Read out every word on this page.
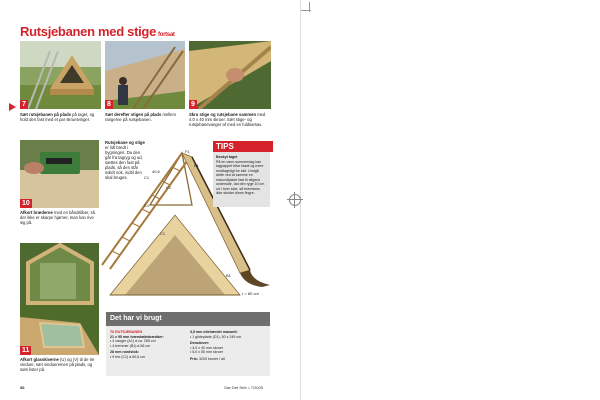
Rutsjebanen med stige fortsat
7
Sæt rutsjebanen på plads på taget, og hold den fast med et par skruetvinger.
8
Sæt derefter stigen på plads mellem rangerne på rutsjebanen.
9
Skru stige og rutsjebane sammen med 4,0 x 40 mm skruer. Sæt stige- og rutsjebanevanger af med en fuldsarsav.
10
Afkort bræderne med en båndsliber, så der ikke er skarpe hjørner, man kan rive sig på.
Rutsjebane og stige er lidt bredt i bygningen. Da den går fra tagryg og ud, sættes den fast på plads, så den står solidt nok, indtil den skal bruges.
F1
E1
40,6
C1
C1
C1
B1
r = 80 cm
C1
TIPS
Beskyt taget
På en varm sommerdag kan tagpappet blive blødt og mere modtageligt for slid. Undgå dette ved at sømme en masonitplade fast til stigens underside, lad den ryge 10 cm ud i hver side, så bremsens ikke skrider dines fingre.
11
Afkort glasskiverne (U) og (V) til de tre vinduer, sæt vindueremen på plads, og søm lister på.
Det har vi brugt
Til RUTSJEBANEN
21 x 95 mm tværstøttebrædder:
• 4 vanger (A1) á ca. 285 cm
• 4 tremmer (B1) á 56 cm
28 mm rundstok:
• 9 trin (C1) á 60,6 cm
3,5 mm oliehærdet masonit:
• 1 glideplade (D1), 50 x 249 cm
Derudover:
• 4,0 x 40 mm skruer
• 5,0 x 50 mm skruer
Pris: 3200 kroner i alt
58	Gør Det Selv • 7/2005
